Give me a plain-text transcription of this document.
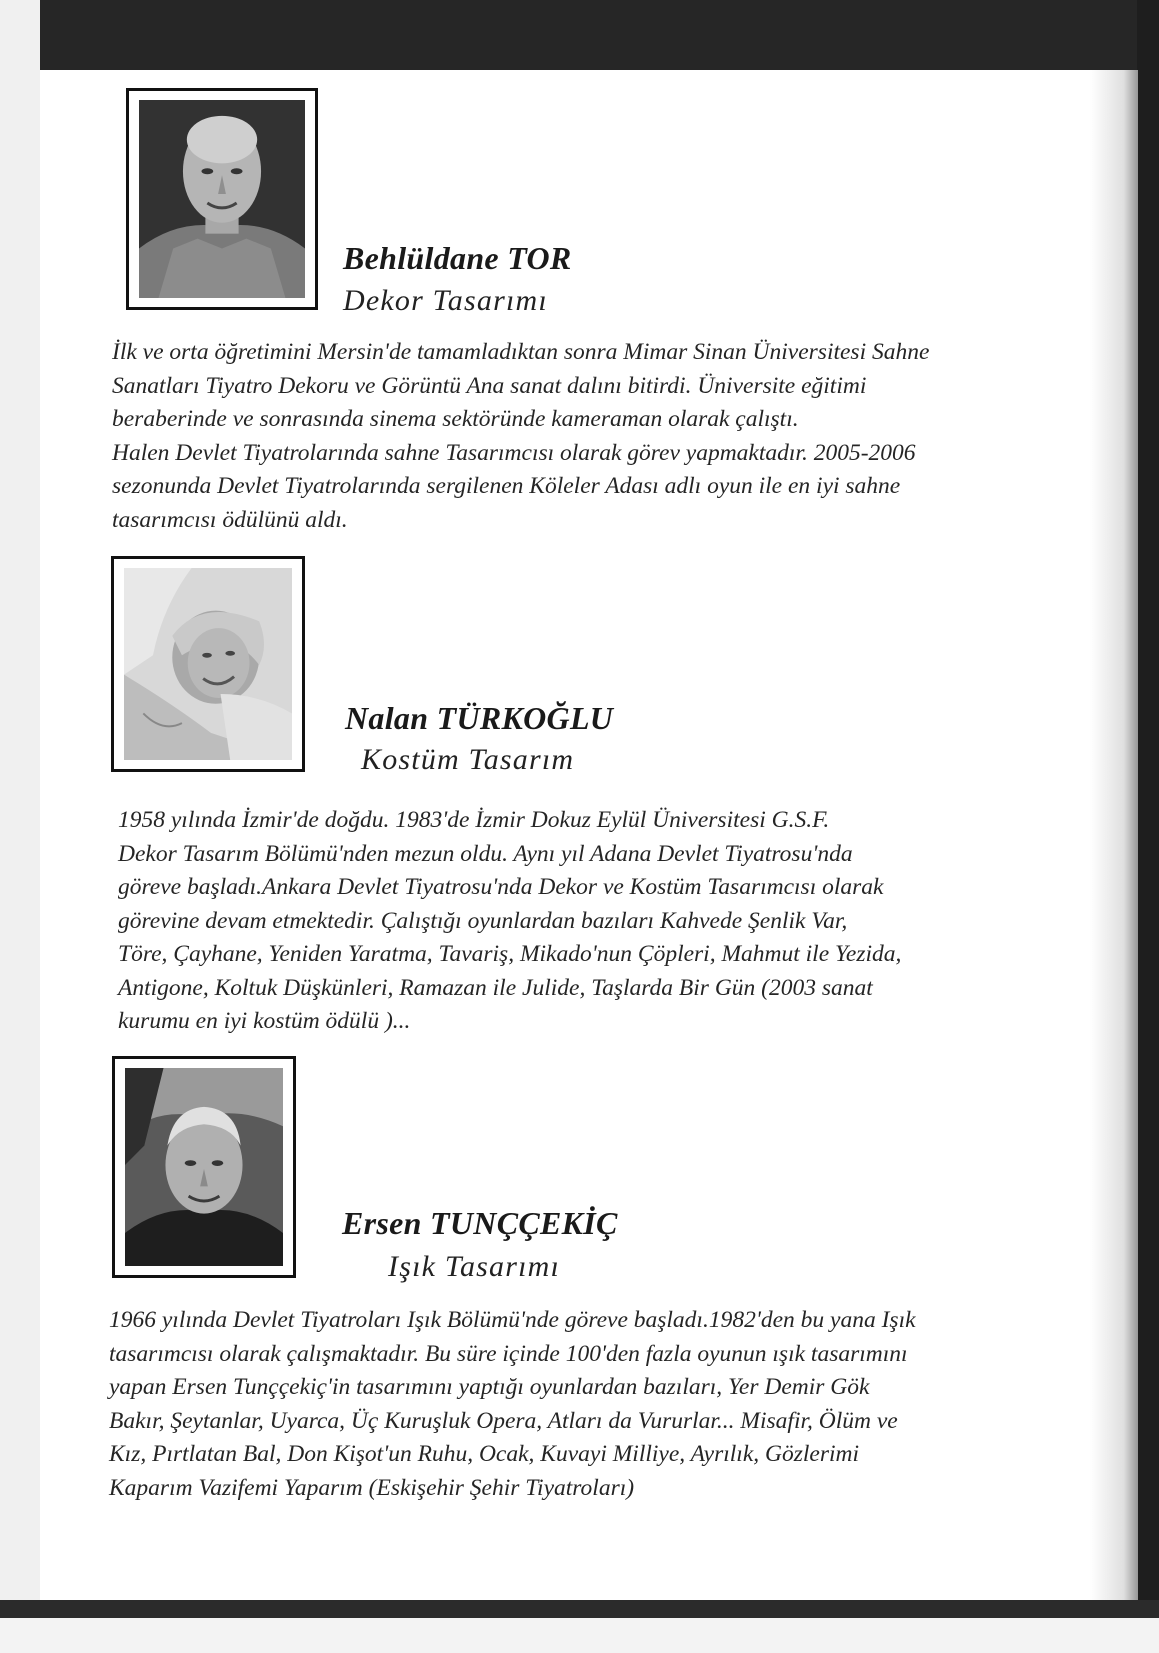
Behlüldane TOR
Dekor Tasarımı
İlk ve orta öğretimini Mersin'de tamamladıktan sonra Mimar Sinan Üniversitesi Sahne
Sanatları Tiyatro Dekoru ve Görüntü Ana sanat dalını bitirdi. Üniversite eğitimi
beraberinde ve sonrasında sinema sektöründe kameraman olarak çalıştı.
Halen Devlet Tiyatrolarında sahne Tasarımcısı olarak görev yapmaktadır. 2005-2006
sezonunda Devlet Tiyatrolarında sergilenen Köleler Adası adlı oyun ile en iyi sahne
tasarımcısı ödülünü aldı.
Nalan TÜRKOĞLU
Kostüm Tasarım
1958 yılında İzmir'de doğdu. 1983'de İzmir Dokuz Eylül Üniversitesi G.S.F.
Dekor Tasarım Bölümü'nden mezun oldu. Aynı yıl Adana Devlet Tiyatrosu'nda
göreve başladı.Ankara Devlet Tiyatrosu'nda Dekor ve Kostüm Tasarımcısı olarak
görevine devam etmektedir. Çalıştığı oyunlardan bazıları Kahvede Şenlik Var,
Töre, Çayhane, Yeniden Yaratma, Tavariş, Mikado'nun Çöpleri, Mahmut ile Yezida,
Antigone, Koltuk Düşkünleri, Ramazan ile Julide, Taşlarda Bir Gün (2003 sanat
kurumu en iyi kostüm ödülü )...
Ersen TUNÇÇEKİÇ
Işık Tasarımı
1966 yılında Devlet Tiyatroları Işık Bölümü'nde göreve başladı.1982'den bu yana Işık
tasarımcısı olarak çalışmaktadır. Bu süre içinde 100'den fazla oyunun ışık tasarımını
yapan Ersen Tunççekiç'in tasarımını yaptığı oyunlardan bazıları, Yer Demir Gök
Bakır, Şeytanlar, Uyarca, Üç Kuruşluk Opera, Atları da Vururlar... Misafir, Ölüm ve
Kız, Pırtlatan Bal, Don Kişot'un Ruhu, Ocak, Kuvayi Milliye, Ayrılık, Gözlerimi
Kaparım Vazifemi Yaparım (Eskişehir Şehir Tiyatroları)
